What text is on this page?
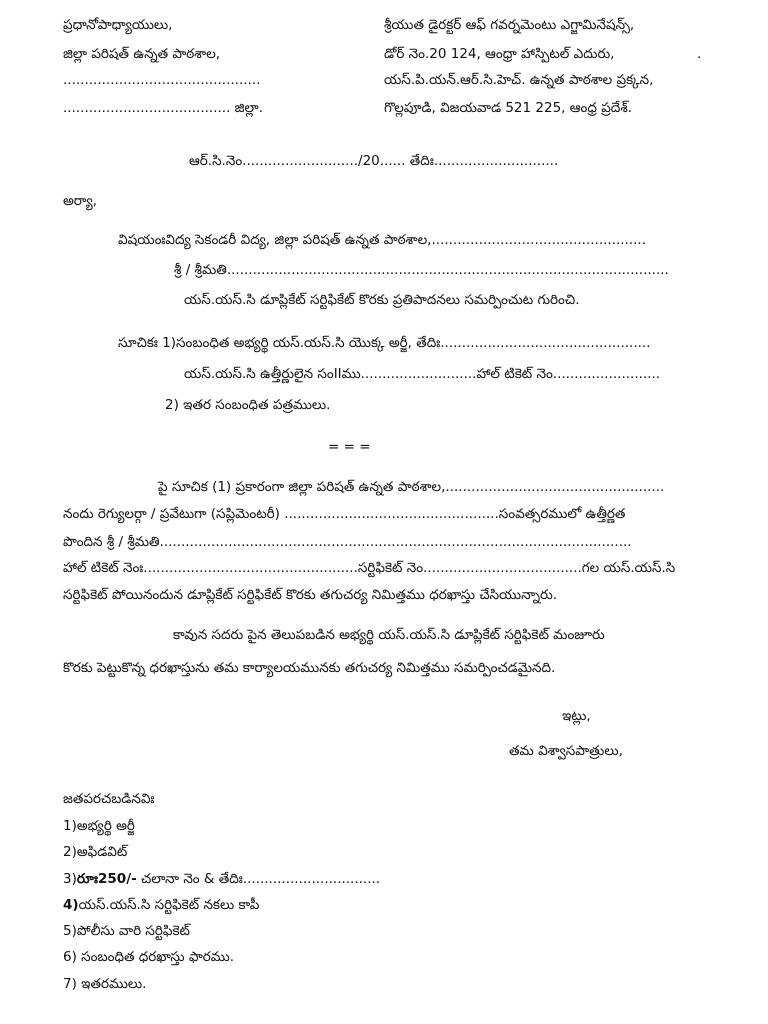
ప్రధానోపాధ్యాయులు,
జిల్లా పరిషత్ ఉన్నత పాఠశాల,
..............................................
....................................... జిల్లా.
శ్రీయుత డైరక్టర్ ఆఫ్ గవర్నమెంటు ఎగ్జామినేషన్స్,
డోర్ నెం.20 124, ఆంధ్రా హాస్పిటల్ ఎదురు,	.
యస్.పి.యన్.ఆర్.సి.హెచ్. ఉన్నత పాఠశాల ప్రక్కన,
గొల్లపూడి, విజయవాడ 521 225, ఆంధ్ర ప్రదేశ్.
ఆర్.సి.నెం.........................../20...... తేదిః.............................
అర్యా,
విషయంఃవిద్య సెకండరీ విద్య, జిల్లా పరిషత్ ఉన్నత పాఠశాల,..................................................
శ్రీ / శ్రీమతి.......................................................................................................
యస్.యస్.సి డూప్లికేట్ సర్టిఫికేట్ కొరకు ప్రతిపాదనలు సమర్పించుట గురించి.
సూచికః 1)సంబంధిత అభ్యర్థి యస్.యస్.సి యొక్క అర్జీ, తేదిః.................................................
యస్.యస్.సి ఉత్తీర్ణులైన సంIIము...........................హాల్ టికెట్ నెం.........................
2) ఇతర సంబంధిత పత్రములు.
= = =
పై సూచిక (1) ప్రకారంగా జిల్లా పరిషత్ ఉన్నత పాఠశాల,...................................................
నందు రెగ్యులర్గా / ప్రవేటుగా (సప్లిమెంటరీ) ..................................................సంవత్సరములో ఉత్తీర్ణత
పొందిన శ్రీ / శ్రీమతి..............................................................................................................
హాల్ టికెట్ నెంః..................................................సర్టిఫికెట్ నెం.....................................గల యస్.యస్.సి
సర్టిఫికెట్ పోయినందున డూప్లికేట్ సర్టిఫికేట్ కొరకు తగుచర్య నిమిత్తము ధరఖాస్తు చేసియున్నారు.
కావున సదరు పైన తెలుపబడిన అభ్యర్థి యస్.యస్.సి డూప్లికేట్ సర్టిఫికెట్ మంజూరు
కొరకు పెట్టుకొన్న ధరఖాస్తును తమ కార్యాలయమునకు తగుచర్య నిమిత్తము సమర్పించడమైనది.
ఇట్లు,
తమ విశ్వాసపాత్రులు,
జతపరచబడినవిః
1)అభ్యర్థి అర్జీ
2)అఫిడవిట్
3)రూః250/- చలానా నెం & తేదిః................................
4)యస్.యస్.సి సర్టిఫికెట్ నకలు కాపీ
5)పోలీసు వారి సర్టిఫికెట్
6) సంబంధిత ధరఖాస్తు ఫారము.
7) ఇతరములు.
